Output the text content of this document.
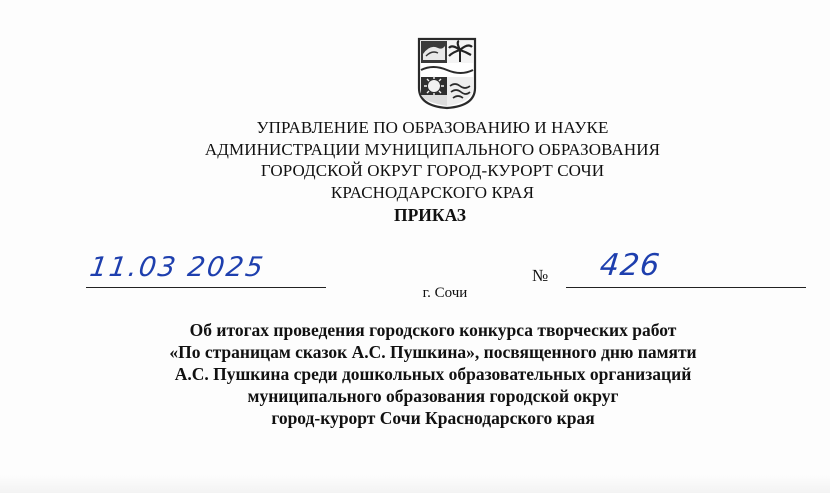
УПРАВЛЕНИЕ ПО ОБРАЗОВАНИЮ И НАУКЕ
АДМИНИСТРАЦИИ МУНИЦИПАЛЬНОГО ОБРАЗОВАНИЯ
ГОРОДСКОЙ ОКРУГ ГОРОД-КУРОРТ СОЧИ
КРАСНОДАРСКОГО КРАЯ
ПРИКАЗ
11.03 2025	№ 426
г. Сочи
Об итогах проведения городского конкурса творческих работ
«По страницам сказок А.С. Пушкина», посвященного дню памяти
А.С. Пушкина среди дошкольных образовательных организаций
муниципального образования городской округ
город-курорт Сочи Краснодарского края
